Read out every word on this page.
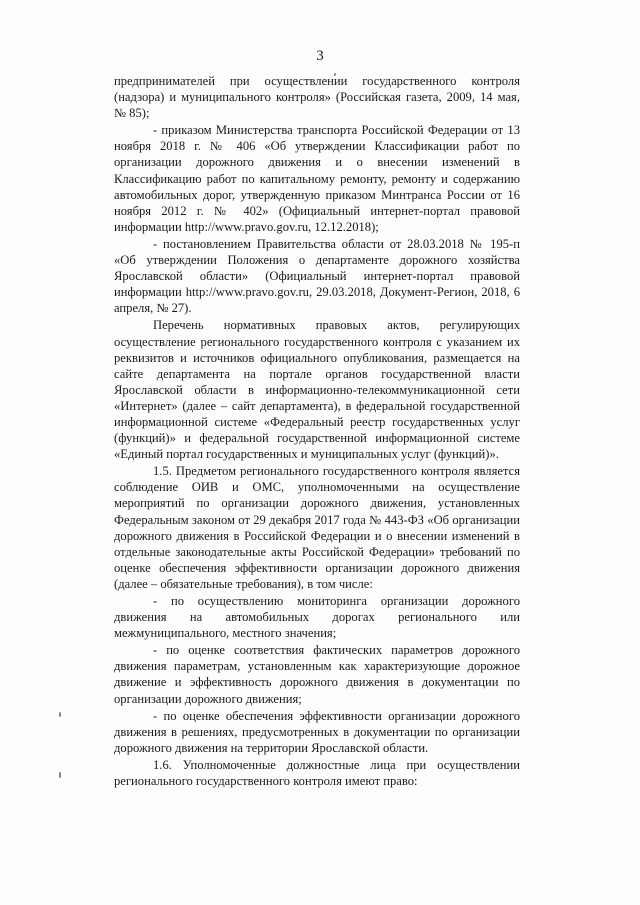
3

предпринимателей при осуществлении государственного контроля (надзора) и муниципального контроля» (Российская газета, 2009, 14 мая, № 85);

- приказом Министерства транспорта Российской Федерации от 13 ноября 2018 г. № 406 «Об утверждении Классификации работ по организации дорожного движения и о внесении изменений в Классификацию работ по капитальному ремонту, ремонту и содержанию автомобильных дорог, утвержденную приказом Минтранса России от 16 ноября 2012 г. № 402» (Официальный интернет-портал правовой информации http://www.pravo.gov.ru, 12.12.2018);

- постановлением Правительства области от 28.03.2018 № 195-п «Об утверждении Положения о департаменте дорожного хозяйства Ярославской области» (Официальный интернет-портал правовой информации http://www.pravo.gov.ru, 29.03.2018, Документ-Регион, 2018, 6 апреля, № 27).

Перечень нормативных правовых актов, регулирующих осуществление регионального государственного контроля с указанием их реквизитов и источников официального опубликования, размещается на сайте департамента на портале органов государственной власти Ярославской области в информационно-телекоммуникационной сети «Интернет» (далее – сайт департамента), в федеральной государственной информационной системе «Федеральный реестр государственных услуг (функций)» и федеральной государственной информационной системе «Единый портал государственных и муниципальных услуг (функций)».

1.5. Предметом регионального государственного контроля является соблюдение ОИВ и ОМС, уполномоченными на осуществление мероприятий по организации дорожного движения, установленных Федеральным законом от 29 декабря 2017 года № 443-ФЗ «Об организации дорожного движения в Российской Федерации и о внесении изменений в отдельные законодательные акты Российской Федерации» требований по оценке обеспечения эффективности организации дорожного движения (далее – обязательные требования), в том числе:

- по осуществлению мониторинга организации дорожного движения на автомобильных дорогах регионального или межмуниципального, местного значения;

- по оценке соответствия фактических параметров дорожного движения параметрам, установленным как характеризующие дорожное движение и эффективность дорожного движения в документации по организации дорожного движения;

- по оценке обеспечения эффективности организации дорожного движения в решениях, предусмотренных в документации по организации дорожного движения на территории Ярославской области.

1.6. Уполномоченные должностные лица при осуществлении регионального государственного контроля имеют право:
